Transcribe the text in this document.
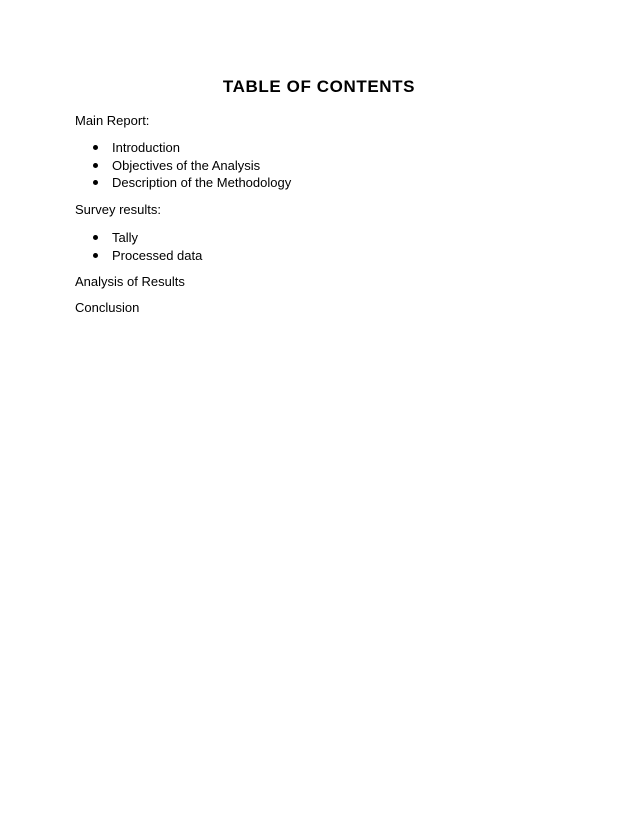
TABLE OF CONTENTS

Main Report:

Introduction
Objectives of the Analysis
Description of the Methodology

Survey results:

Tally
Processed data

Analysis of Results

Conclusion
